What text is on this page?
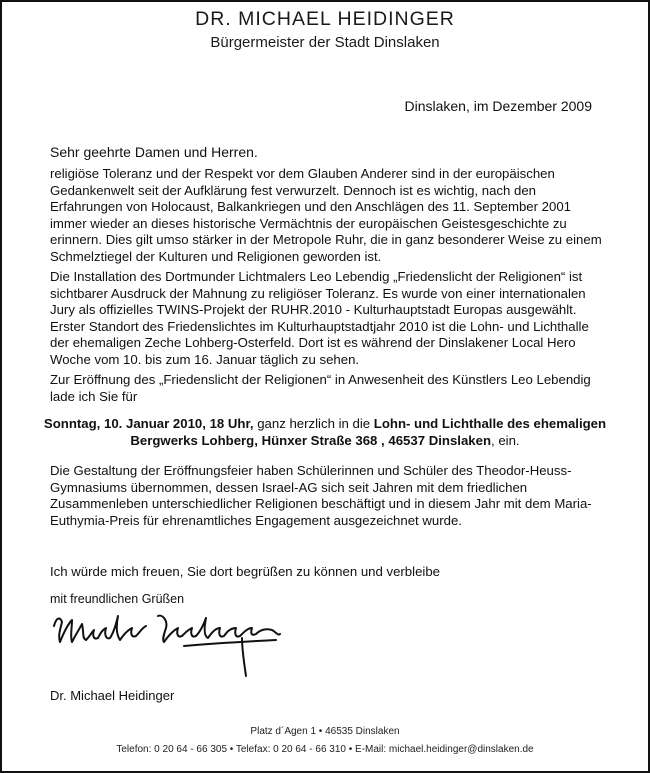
DR. MICHAEL HEIDINGER
Bürgermeister der Stadt Dinslaken
Dinslaken, im Dezember 2009
Sehr geehrte Damen und Herren.

religiöse Toleranz und der Respekt vor dem Glauben Anderer sind in der europäischen Gedankenwelt seit der Aufklärung fest verwurzelt. Dennoch ist es wichtig, nach den Erfahrungen von Holocaust, Balkankriegen und den Anschlägen des 11. September 2001 immer wieder an dieses historische Vermächtnis der europäischen Geistesgeschichte zu erinnern. Dies gilt umso stärker in der Metropole Ruhr, die in ganz besonderer Weise zu einem Schmelztiegel der Kulturen und Religionen geworden ist.

Die Installation des Dortmunder Lichtmalers Leo Lebendig „Friedenslicht der Religionen“ ist sichtbarer Ausdruck der Mahnung zu religiöser Toleranz. Es wurde von einer internationalen Jury als offizielles TWINS-Projekt der RUHR.2010 - Kulturhauptstadt Europas ausgewählt. Erster Standort des Friedenslichtes im Kulturhauptstadtjahr 2010 ist die Lohn- und Lichthalle der ehemaligen Zeche Lohberg-Osterfeld. Dort ist es während der Dinslakener Local Hero Woche vom 10. bis zum 16. Januar täglich zu sehen.

Zur Eröffnung des „Friedenslicht der Religionen“ in Anwesenheit des Künstlers Leo Lebendig lade ich Sie für

Sonntag, 10. Januar 2010, 18 Uhr, ganz herzlich in die Lohn- und Lichthalle des ehemaligen Bergwerks Lohberg, Hünxer Straße 368 , 46537 Dinslaken, ein.

Die Gestaltung der Eröffnungsfeier haben Schülerinnen und Schüler des Theodor-Heuss-Gymnasiums übernommen, dessen Israel-AG sich seit Jahren mit dem friedlichen Zusammenleben unterschiedlicher Religionen beschäftigt und in diesem Jahr mit dem Maria-Euthymia-Preis für ehrenamtliches Engagement ausgezeichnet wurde.

Ich würde mich freuen, Sie dort begrüßen zu können und verbleibe
mit freundlichen Grüßen
Dr. Michael Heidinger
Platz d´Agen 1 • 46535 Dinslaken
Telefon: 0 20 64 - 66 305 • Telefax: 0 20 64 - 66 310 • E-Mail: michael.heidinger@dinslaken.de
